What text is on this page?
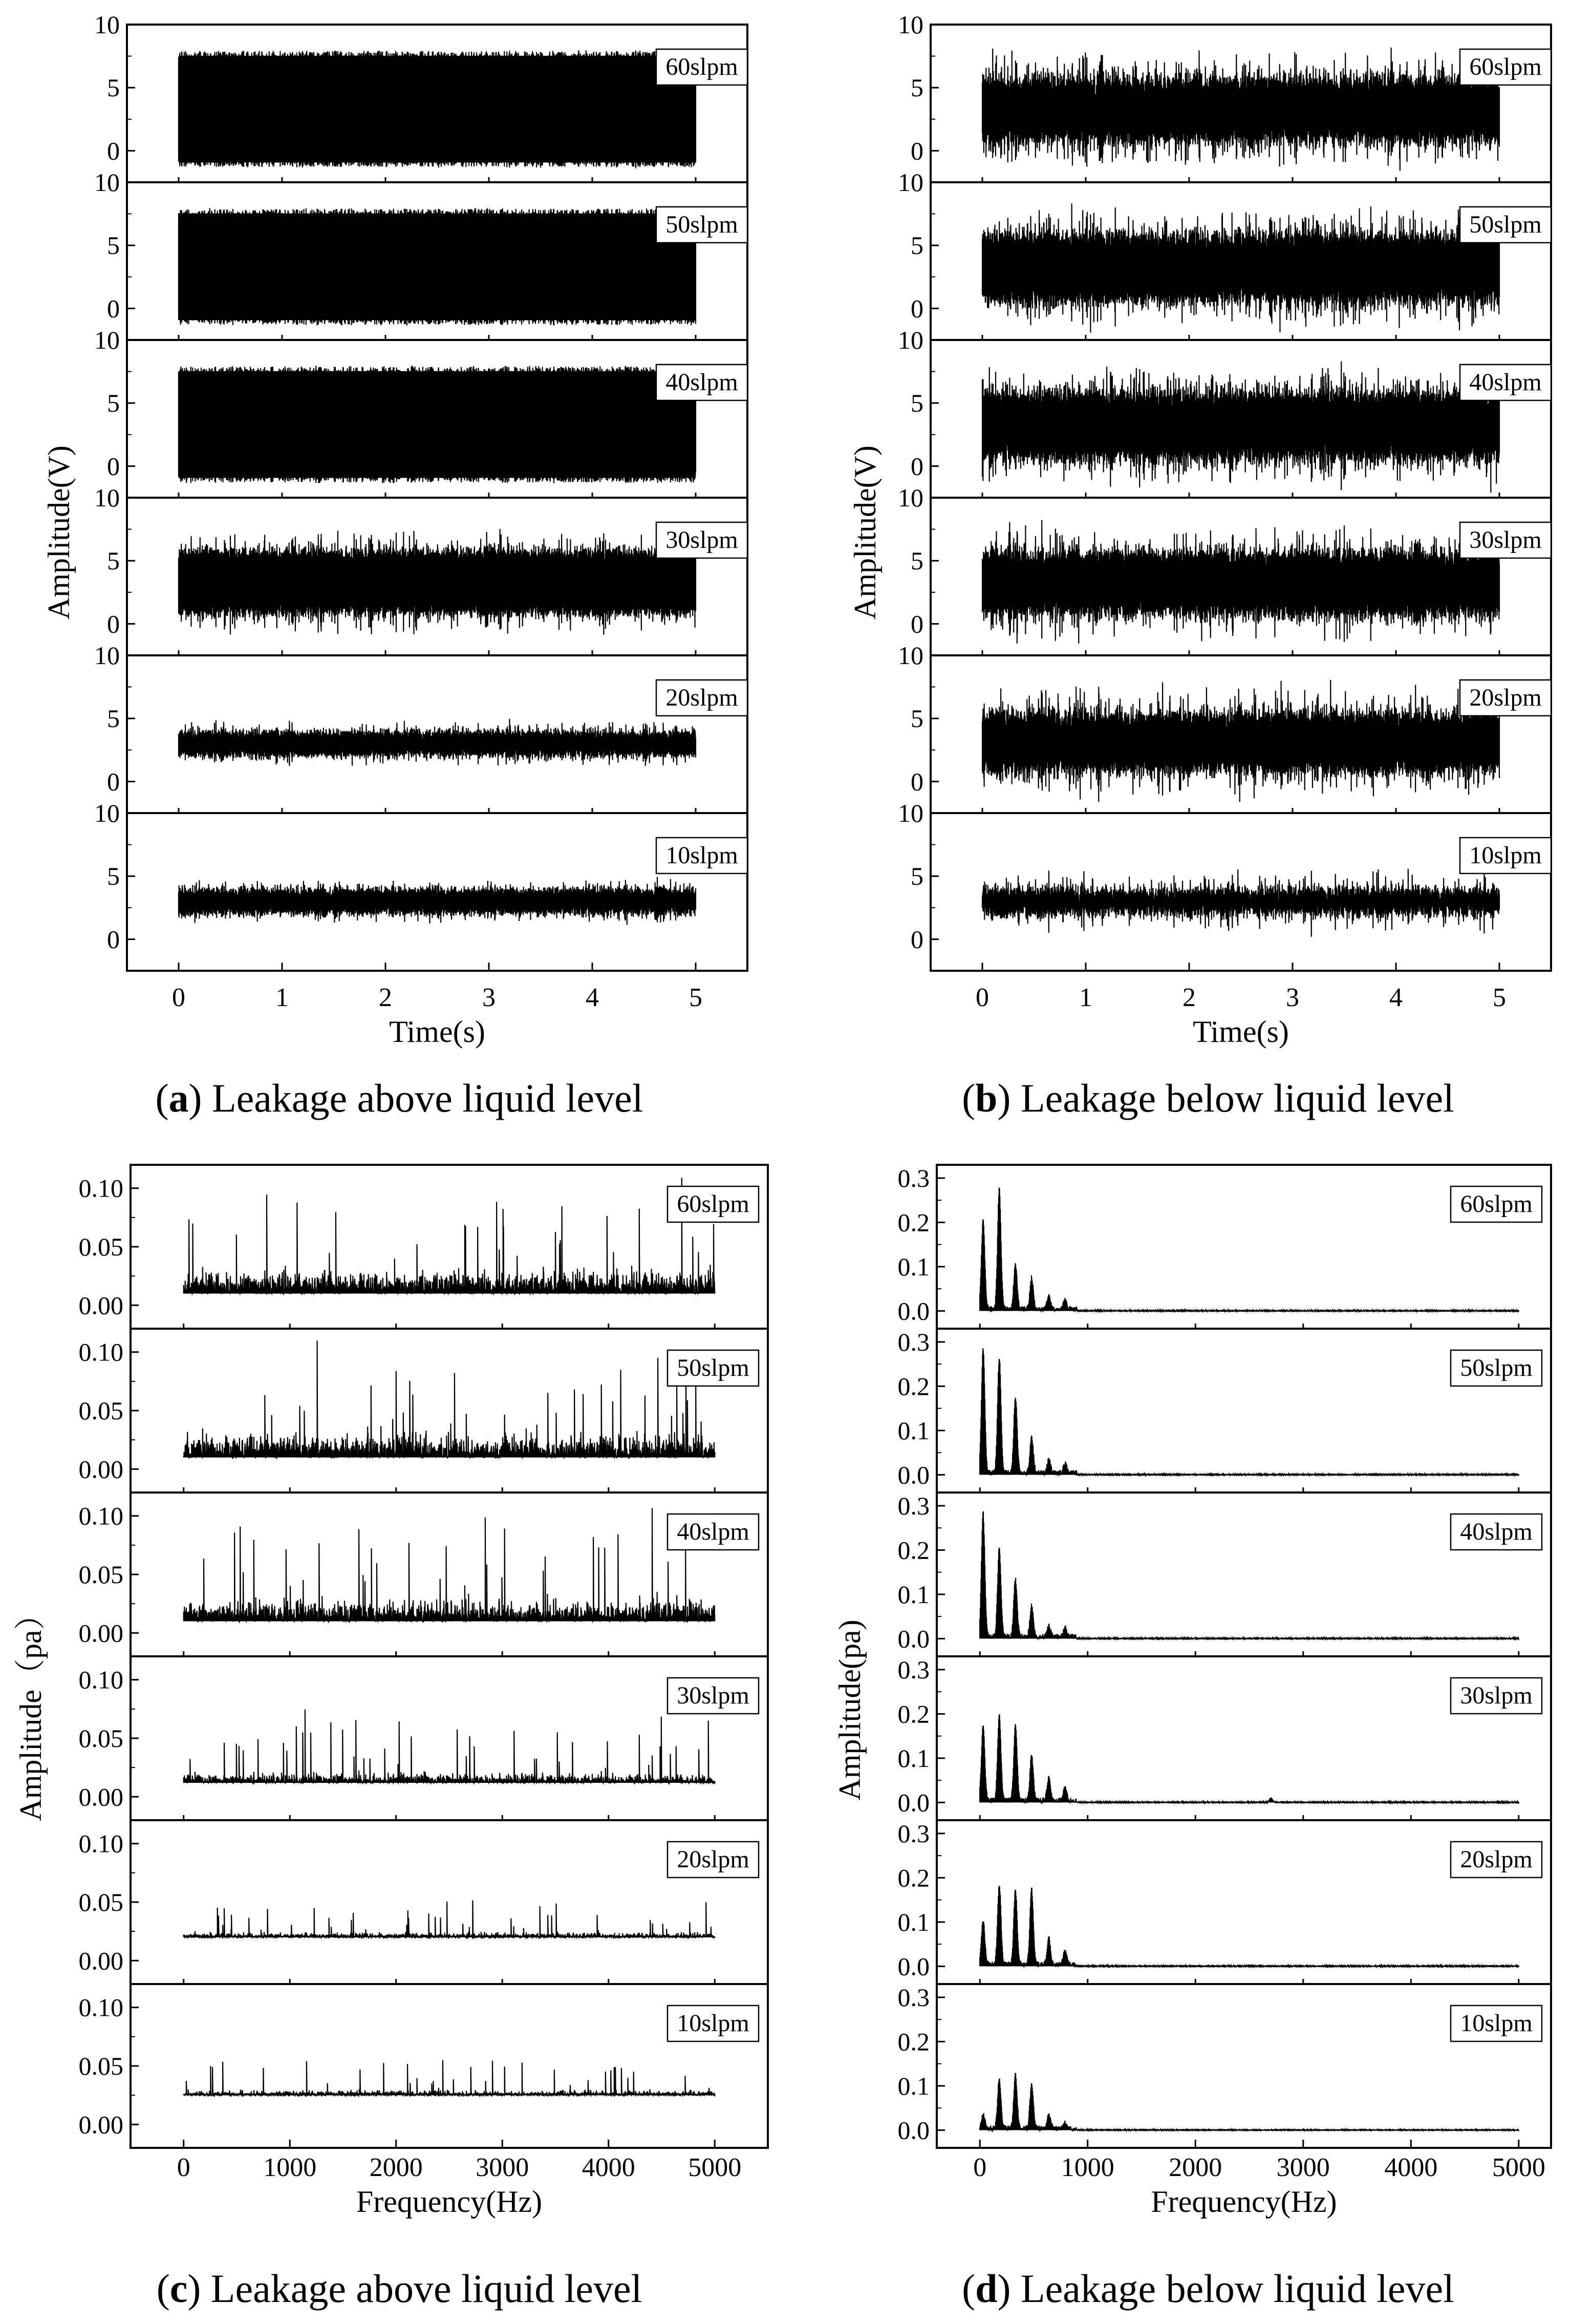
0
5
10
60slpm
0
5
10
50slpm
0
5
10
40slpm
0
5
10
30slpm
0
5
10
20slpm
0
5
10
10slpm
0	1	2	3	4	5
Time(s)
Amplitude(V)
0
5
10
60slpm
0
5
10
50slpm
0
5
10
40slpm
0
5
10
30slpm
0
5
10
20slpm
0
5
10
10slpm
0	1	2	3	4	5
Time(s)
Amplitude(V)
0.00
0.05
0.10
60slpm
0.00
0.05
0.10
50slpm
0.00
0.05
0.10
40slpm
0.00
0.05
0.10
30slpm
0.00
0.05
0.10
20slpm
0.00
0.05
0.10
10slpm
0	1000 2000 3000 4000 5000
Frequency(Hz)
Amplitude（pa）
0.0
0.1
0.2
0.3
60slpm
0.0
0.1
0.2
0.3
50slpm
0.0
0.1
0.2
0.3
40slpm
0.0
0.1
0.2
0.3
30slpm
0.0
0.1
0.2
0.3
20slpm
0.0
0.1
0.2
0.3
10slpm
0	1000 2000 3000 4000 5000
Frequency(Hz)
Amplitude(pa)
(a) Leakage above liquid level	(b) Leakage below liquid level
(c) Leakage above liquid level	(d) Leakage below liquid level
